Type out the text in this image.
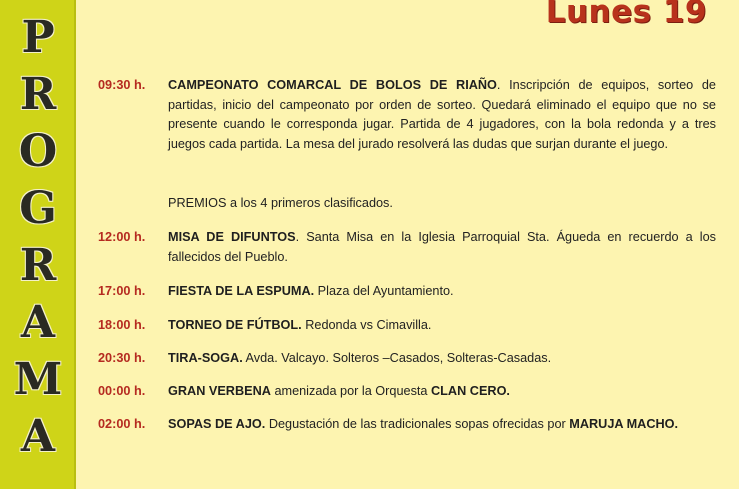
P
R
O
G
R
A
M
A
Lunes 19
09:30 h.	CAMPEONATO COMARCAL DE BOLOS DE RIAÑO. Inscripción de equipos, sorteo de partidas, inicio del campeonato por orden de sorteo. Quedará eliminado el equipo que no se presente cuando le corresponda jugar. Partida de 4 jugadores, con la bola redonda y a tres juegos cada partida. La mesa del jurado resolverá las dudas que surjan durante el juego.
PREMIOS a los 4 primeros clasificados.
12:00 h.	MISA DE DIFUNTOS. Santa Misa en la Iglesia Parroquial Sta. Águeda en recuerdo a los fallecidos del Pueblo.
17:00 h.	FIESTA DE LA ESPUMA. Plaza del Ayuntamiento.
18:00 h.	TORNEO DE FÚTBOL. Redonda vs Cimavilla.
20:30 h.	TIRA-SOGA. Avda. Valcayo. Solteros –Casados, Solteras-Casadas.
00:00 h.	GRAN VERBENA amenizada por la Orquesta CLAN CERO.
02:00 h.	SOPAS DE AJO. Degustación de las tradicionales sopas ofrecidas por MARUJA MACHO.
